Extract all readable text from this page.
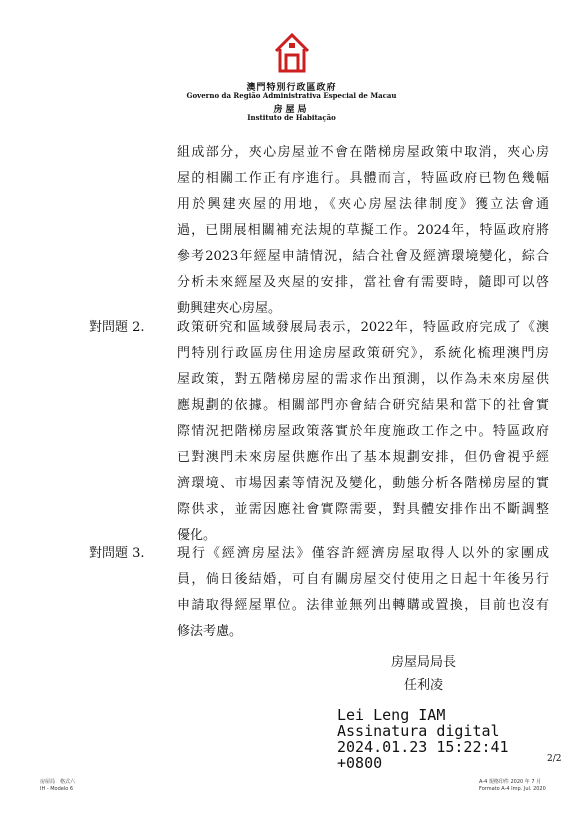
澳門特別行政區政府
Governo da Região Administrativa Especial de Macau
房屋局
Instituto de Habitação
組成部分，夾心房屋並不會在階梯房屋政策中取消，夾心房
屋的相關工作正有序進行。具體而言，特區政府已物色幾幅
用於興建夾屋的用地，《夾心房屋法律制度》獲立法會通
過，已開展相關補充法規的草擬工作。2024年，特區政府將
參考2023年經屋申請情況，結合社會及經濟環境變化，綜合
分析未來經屋及夾屋的安排，當社會有需要時，隨即可以啓
動興建夾心房屋。
對問題 2. 政策研究和區域發展局表示，2022年，特區政府完成了《澳
門特別行政區房住用途房屋政策研究》，系統化梳理澳門房
屋政策，對五階梯房屋的需求作出預測，以作為未來房屋供
應規劃的依據。相關部門亦會結合研究結果和當下的社會實
際情況把階梯房屋政策落實於年度施政工作之中。特區政府
已對澳門未來房屋供應作出了基本規劃安排，但仍會視乎經
濟環境、市場因素等情況及變化，動態分析各階梯房屋的實
際供求，並需因應社會實際需要，對具體安排作出不斷調整
優化。
對問題 3. 現行《經濟房屋法》僅容許經濟房屋取得人以外的家團成
員，倘日後結婚，可自有關房屋交付使用之日起十年後另行
申請取得經屋單位。法律並無列出轉購或置換，目前也沒有
修法考慮。
房屋局局長
任利凌
Lei Leng IAM
Assinatura digital
2024.01.23 15:22:41
+0800	2/2
房屋局　格式六
IH - Modelo 6
A-4 規格印件 2020 年 7 月
Formato A-4 Imp. Jul. 2020
